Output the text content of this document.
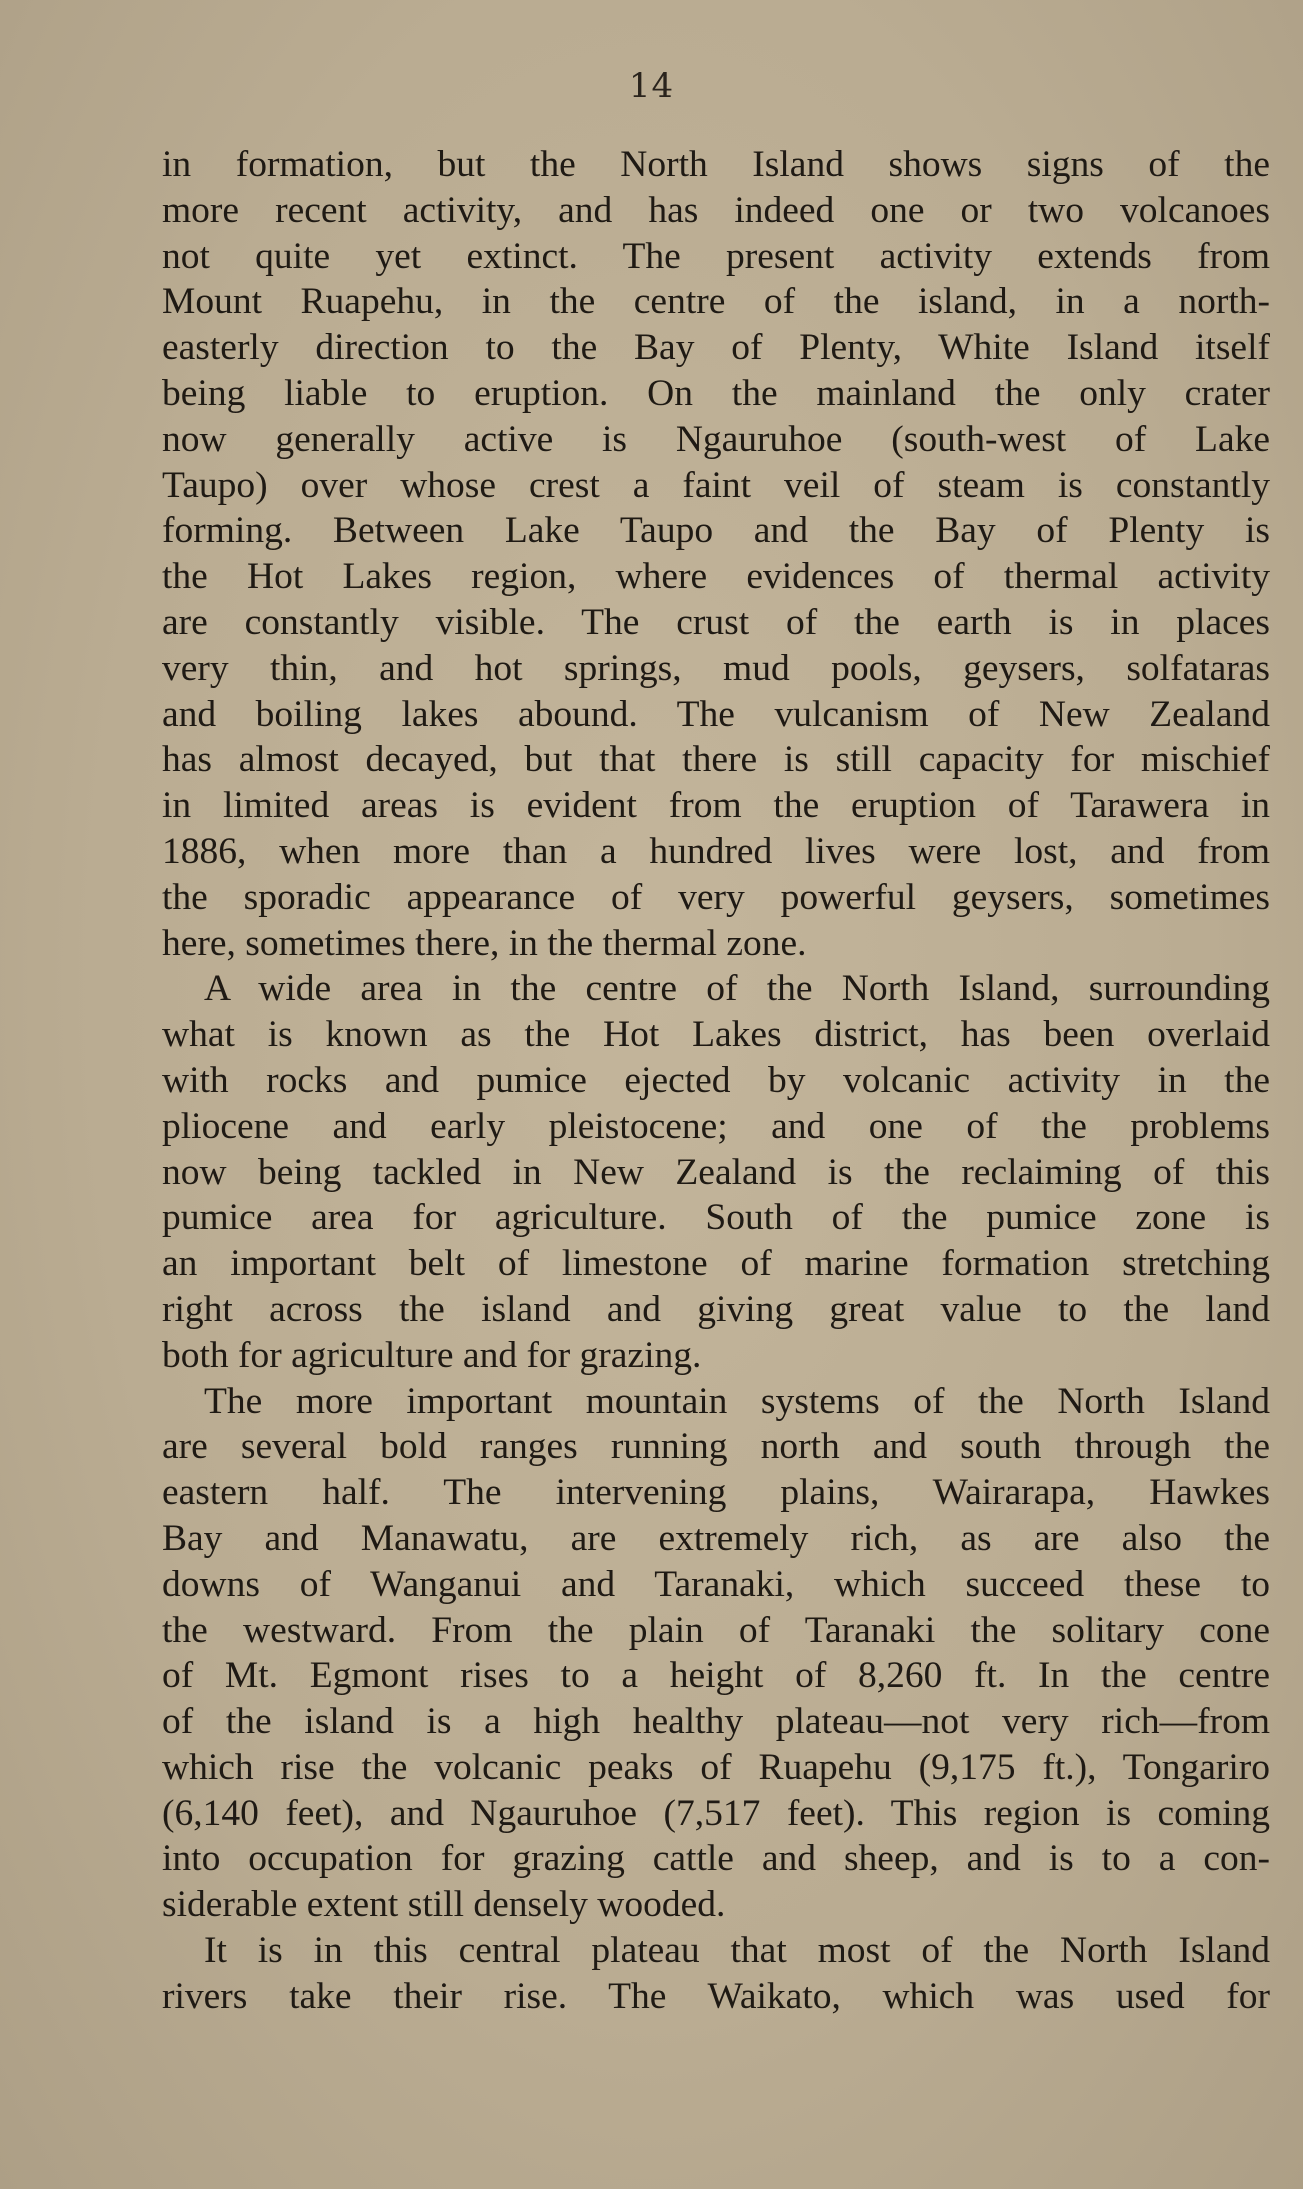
14

in formation, but the North Island shows signs of the
more recent activity, and has indeed one or two volcanoes
not quite yet extinct. The present activity extends from
Mount Ruapehu, in the centre of the island, in a north-
easterly direction to the Bay of Plenty, White Island itself
being liable to eruption. On the mainland the only crater
now generally active is Ngauruhoe (south-west of Lake
Taupo) over whose crest a faint veil of steam is constantly
forming. Between Lake Taupo and the Bay of Plenty is
the Hot Lakes region, where evidences of thermal activity
are constantly visible. The crust of the earth is in places
very thin, and hot springs, mud pools, geysers, solfataras
and boiling lakes abound. The vulcanism of New Zealand
has almost decayed, but that there is still capacity for mischief
in limited areas is evident from the eruption of Tarawera in
1886, when more than a hundred lives were lost, and from
the sporadic appearance of very powerful geysers, sometimes
here, sometimes there, in the thermal zone.

A wide area in the centre of the North Island, surrounding
what is known as the Hot Lakes district, has been overlaid
with rocks and pumice ejected by volcanic activity in the
pliocene and early pleistocene; and one of the problems
now being tackled in New Zealand is the reclaiming of this
pumice area for agriculture. South of the pumice zone is
an important belt of limestone of marine formation stretching
right across the island and giving great value to the land
both for agriculture and for grazing.

The more important mountain systems of the North Island
are several bold ranges running north and south through the
eastern half. The intervening plains, Wairarapa, Hawkes
Bay and Manawatu, are extremely rich, as are also the
downs of Wanganui and Taranaki, which succeed these to
the westward. From the plain of Taranaki the solitary cone
of Mt. Egmont rises to a height of 8,260 ft. In the centre
of the island is a high healthy plateau—not very rich—from
which rise the volcanic peaks of Ruapehu (9,175 ft.), Tongariro
(6,140 feet), and Ngauruhoe (7,517 feet). This region is coming
into occupation for grazing cattle and sheep, and is to a con-
siderable extent still densely wooded.

It is in this central plateau that most of the North Island
rivers take their rise. The Waikato, which was used for
